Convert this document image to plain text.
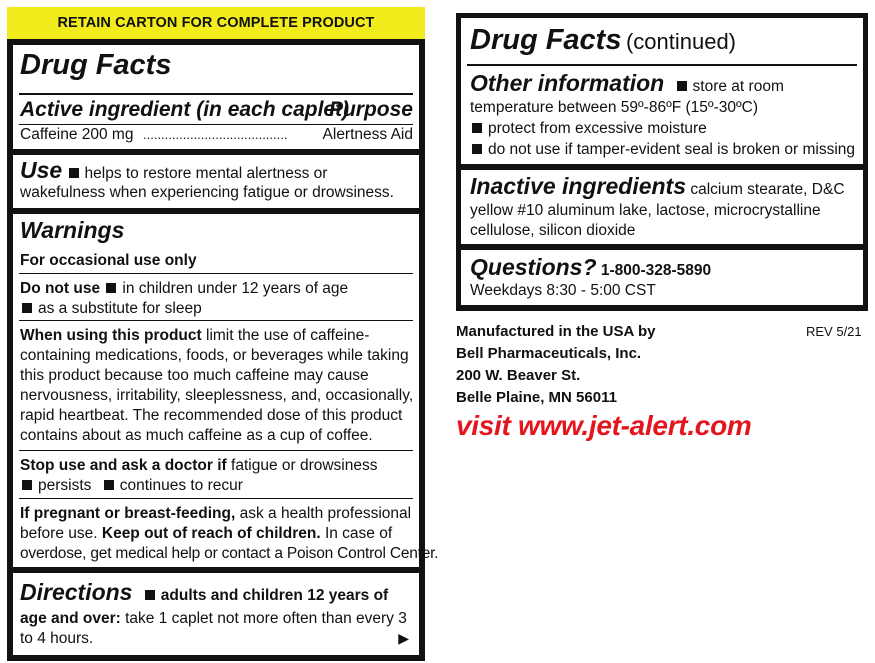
RETAIN CARTON FOR COMPLETE PRODUCT
Drug Facts
Active ingredient (in each caplet)
Purpose
Caffeine 200 mg ........................................ Alertness Aid
Use helps to restore mental alertness or
wakefulness when experiencing fatigue or drowsiness.
Warnings
For occasional use only
Do not use in children under 12 years of age
as a substitute for sleep
When using this product limit the use of caffeine-
containing medications, foods, or beverages while taking
this product because too much caffeine may cause
nervousness, irritability, sleeplessness, and, occasionally,
rapid heartbeat. The recommended dose of this product
contains about as much caffeine as a cup of coffee.
Stop use and ask a doctor if fatigue or drowsiness
persists continues to recur
If pregnant or breast-feeding, ask a health professional
before use. Keep out of reach of children. In case of
overdose, get medical help or contact a Poison Control Center.
Directions adults and children 12 years of
age and over: take 1 caplet not more often than every 3
to 4 hours.	▶
Drug Facts (continued)
Other information store at room
temperature between 59º-86ºF (15º-30ºC)
protect from excessive moisture
do not use if tamper-evident seal is broken or missing
Inactive ingredients calcium stearate, D&C
yellow #10 aluminum lake, lactose, microcrystalline
cellulose, silicon dioxide
Questions? 1-800-328-5890
Weekdays 8:30 - 5:00 CST
Manufactured in the USA by
Bell Pharmaceuticals, Inc.
200 W. Beaver St.
Belle Plaine, MN 56011
REV 5/21
visit www.jet-alert.com
